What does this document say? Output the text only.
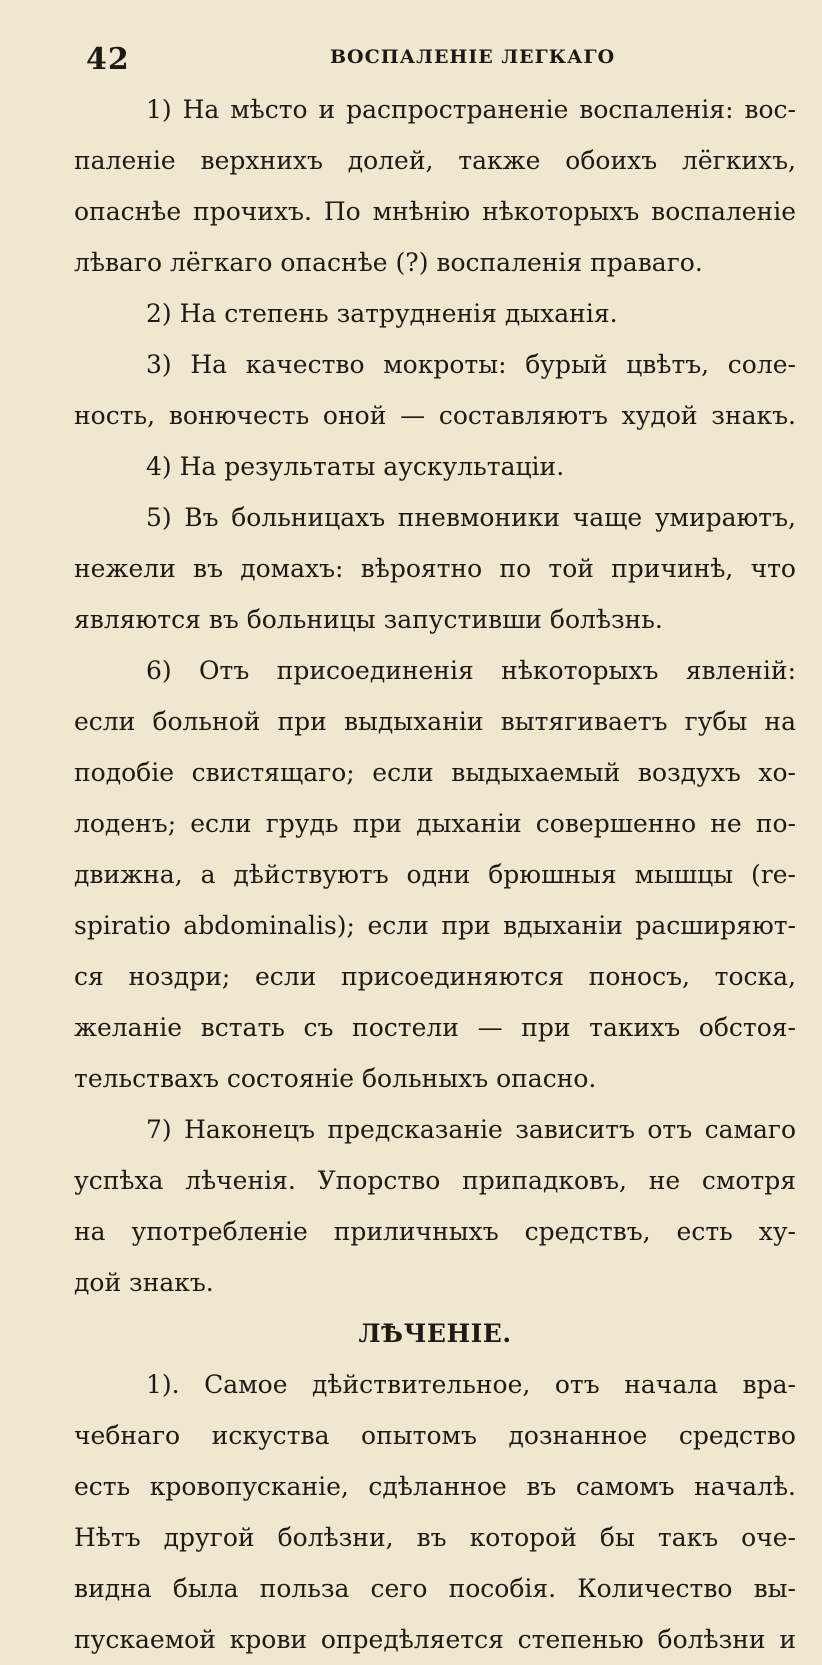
42	ВОСПАЛЕНІЕ ЛЕГКАГО
1) На мѣсто и распространеніе воспаленія: вос-
паленіе верхнихъ долей, также обоихъ лёгкихъ,
опаснѣе прочихъ. По мнѣнію нѣкоторыхъ воспаленіе
лѣваго лёгкаго опаснѣе (?) воспаленія праваго.
2) На степень затрудненія дыханія.
3) На качество мокроты: бурый цвѣтъ, соле-
ность, вонючесть оной — составляютъ худой знакъ.
4) На результаты аускультаціи.
5) Въ больницахъ пневмоники чаще умираютъ,
нежели въ домахъ: вѣроятно по той причинѣ, что
являются въ больницы запустивши болѣзнь.
6) Отъ присоединенія нѣкоторыхъ явленій:
если больной при выдыханіи вытягиваетъ губы на
подобіе свистящаго; если выдыхаемый воздухъ хо-
лоденъ; если грудь при дыханіи совершенно не по-
движна, а дѣйствуютъ одни брюшныя мышцы (re-
spiratio abdominalis); если при вдыханіи расширяют-
ся ноздри; если присоединяются поносъ, тоска,
желаніе встать съ постели — при такихъ обстоя-
тельствахъ состояніе больныхъ опасно.
7) Наконецъ предсказаніе зависитъ отъ самаго
успѣха лѣченія. Упорство припадковъ, не смотря
на употребленіе приличныхъ средствъ, есть ху-
дой знакъ.
ЛѢЧЕНІЕ.
1). Самое дѣйствительное, отъ начала вра-
чебнаго искуства опытомъ дознанное средство
есть кровопусканіе, сдѣланное въ самомъ началѣ.
Нѣтъ другой болѣзни, въ которой бы такъ оче-
видна была польза сего пособія. Количество вы-
пускаемой крови опредѣляется степенью болѣзни и
